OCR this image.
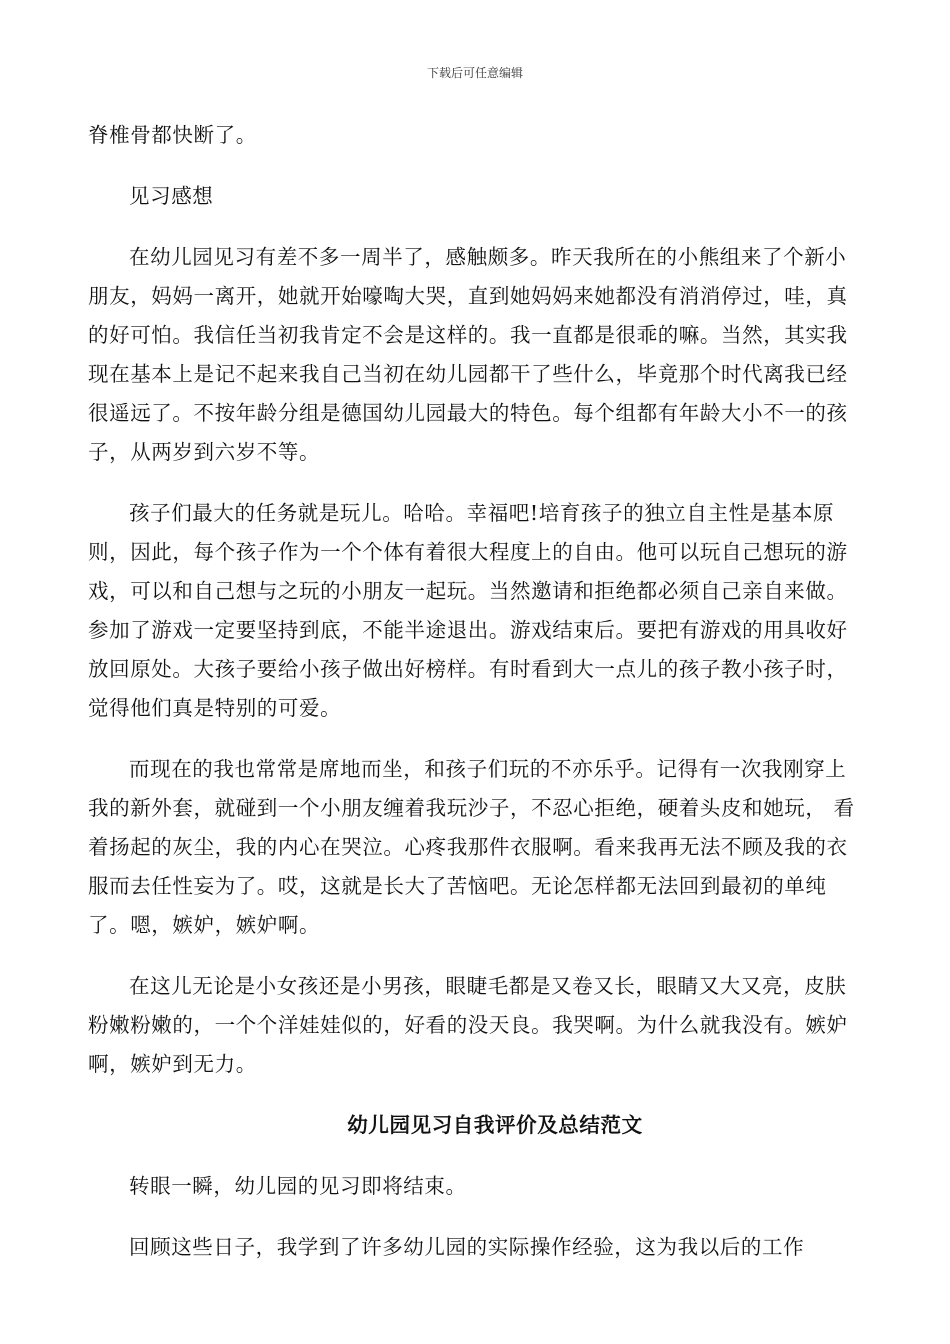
下载后可任意编辑

脊椎骨都快断了。

见习感想

在幼儿园见习有差不多一周半了，感触颇多。昨天我所在的小熊组来了个新小朋友，妈妈一离开，她就开始嚎啕大哭，直到她妈妈来她都没有消消停过，哇，真的好可怕。我信任当初我肯定不会是这样的。我一直都是很乖的嘛。当然，其实我现在基本上是记不起来我自己当初在幼儿园都干了些什么，毕竟那个时代离我已经很遥远了。不按年龄分组是德国幼儿园最大的特色。每个组都有年龄大小不一的孩子，从两岁到六岁不等。

孩子们最大的任务就是玩儿。哈哈。幸福吧!培育孩子的独立自主性是基本原则，因此，每个孩子作为一个个体有着很大程度上的自由。他可以玩自己想玩的游戏，可以和自己想与之玩的小朋友一起玩。当然邀请和拒绝都必须自己亲自来做。参加了游戏一定要坚持到底，不能半途退出。游戏结束后。要把有游戏的用具收好放回原处。大孩子要给小孩子做出好榜样。有时看到大一点儿的孩子教小孩子时，觉得他们真是特别的可爱。

而现在的我也常常是席地而坐，和孩子们玩的不亦乐乎。记得有一次我刚穿上我的新外套，就碰到一个小朋友缠着我玩沙子，不忍心拒绝，硬着头皮和她玩， 看着扬起的灰尘，我的内心在哭泣。心疼我那件衣服啊。看来我再无法不顾及我的衣服而去任性妄为了。哎，这就是长大了苦恼吧。无论怎样都无法回到最初的单纯了。嗯，嫉妒，嫉妒啊。

在这儿无论是小女孩还是小男孩，眼睫毛都是又卷又长，眼睛又大又亮，皮肤粉嫩粉嫩的，一个个洋娃娃似的，好看的没天良。我哭啊。为什么就我没有。嫉妒啊，嫉妒到无力。

幼儿园见习自我评价及总结范文

转眼一瞬，幼儿园的见习即将结束。

回顾这些日子，我学到了许多幼儿园的实际操作经验，这为我以后的工作
